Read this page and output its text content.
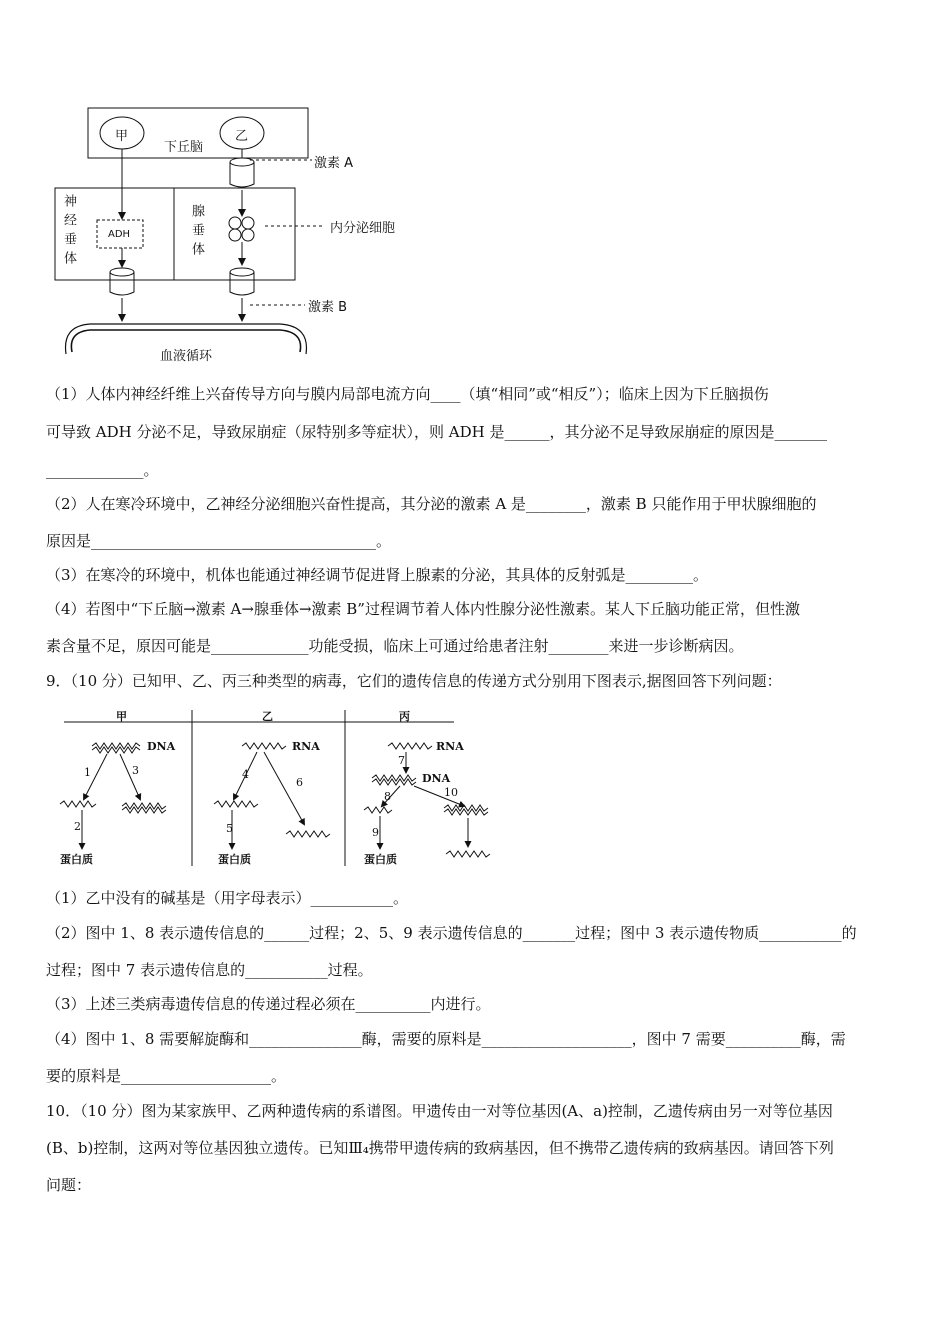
甲	乙
下丘脑
激素 A
神经垂体	腺垂体
ADH	内分泌细胞
激素 B
血液循环
（1）人体内神经纤维上兴奋传导方向与膜内局部电流方向____（填“相同”或“相反”）；临床上因为下丘脑损伤
可导致 ADH 分泌不足，导致尿崩症（尿特别多等症状），则 ADH 是______，其分泌不足导致尿崩症的原因是_______
_____________。
（2）人在寒冷环境中，乙神经分泌细胞兴奋性提高，其分泌的激素 A 是________，激素 B 只能作用于甲状腺细胞的
原因是______________________________________。
（3）在寒冷的环境中，机体也能通过神经调节促进肾上腺素的分泌，其具体的反射弧是_________。
（4）若图中“下丘脑→激素 A→腺垂体→激素 B”过程调节着人体内性腺分泌性激素。某人下丘脑功能正常，但性激
素含量不足，原因可能是_____________功能受损，临床上可通过给患者注射________来进一步诊断病因。
9．（10 分）已知甲、乙、丙三种类型的病毒，它们的遗传信息的传递方式分别用下图表示,据图回答下列问题：
甲	乙	丙
DNA	RNA	RNA
DNA
蛋白质	蛋白质	蛋白质
1
2
3	4
5
6
7
8
9
10
（1）乙中没有的碱基是（用字母表示）___________。
（2）图中 1、8 表示遗传信息的______过程；2、5、9 表示遗传信息的_______过程；图中 3 表示遗传物质___________的
过程；图中 7 表示遗传信息的___________过程。
（3）上述三类病毒遗传信息的传递过程必须在__________内进行。
（4）图中 1、8 需要解旋酶和_______________酶，需要的原料是____________________，图中 7 需要__________酶，需
要的原料是____________________。
10．（10 分）图为某家族甲、乙两种遗传病的系谱图。甲遗传由一对等位基因(A、a)控制，乙遗传病由另一对等位基因
(B、b)控制，这两对等位基因独立遗传。已知Ⅲ₄携带甲遗传病的致病基因，但不携带乙遗传病的致病基因。请回答下列
问题：
